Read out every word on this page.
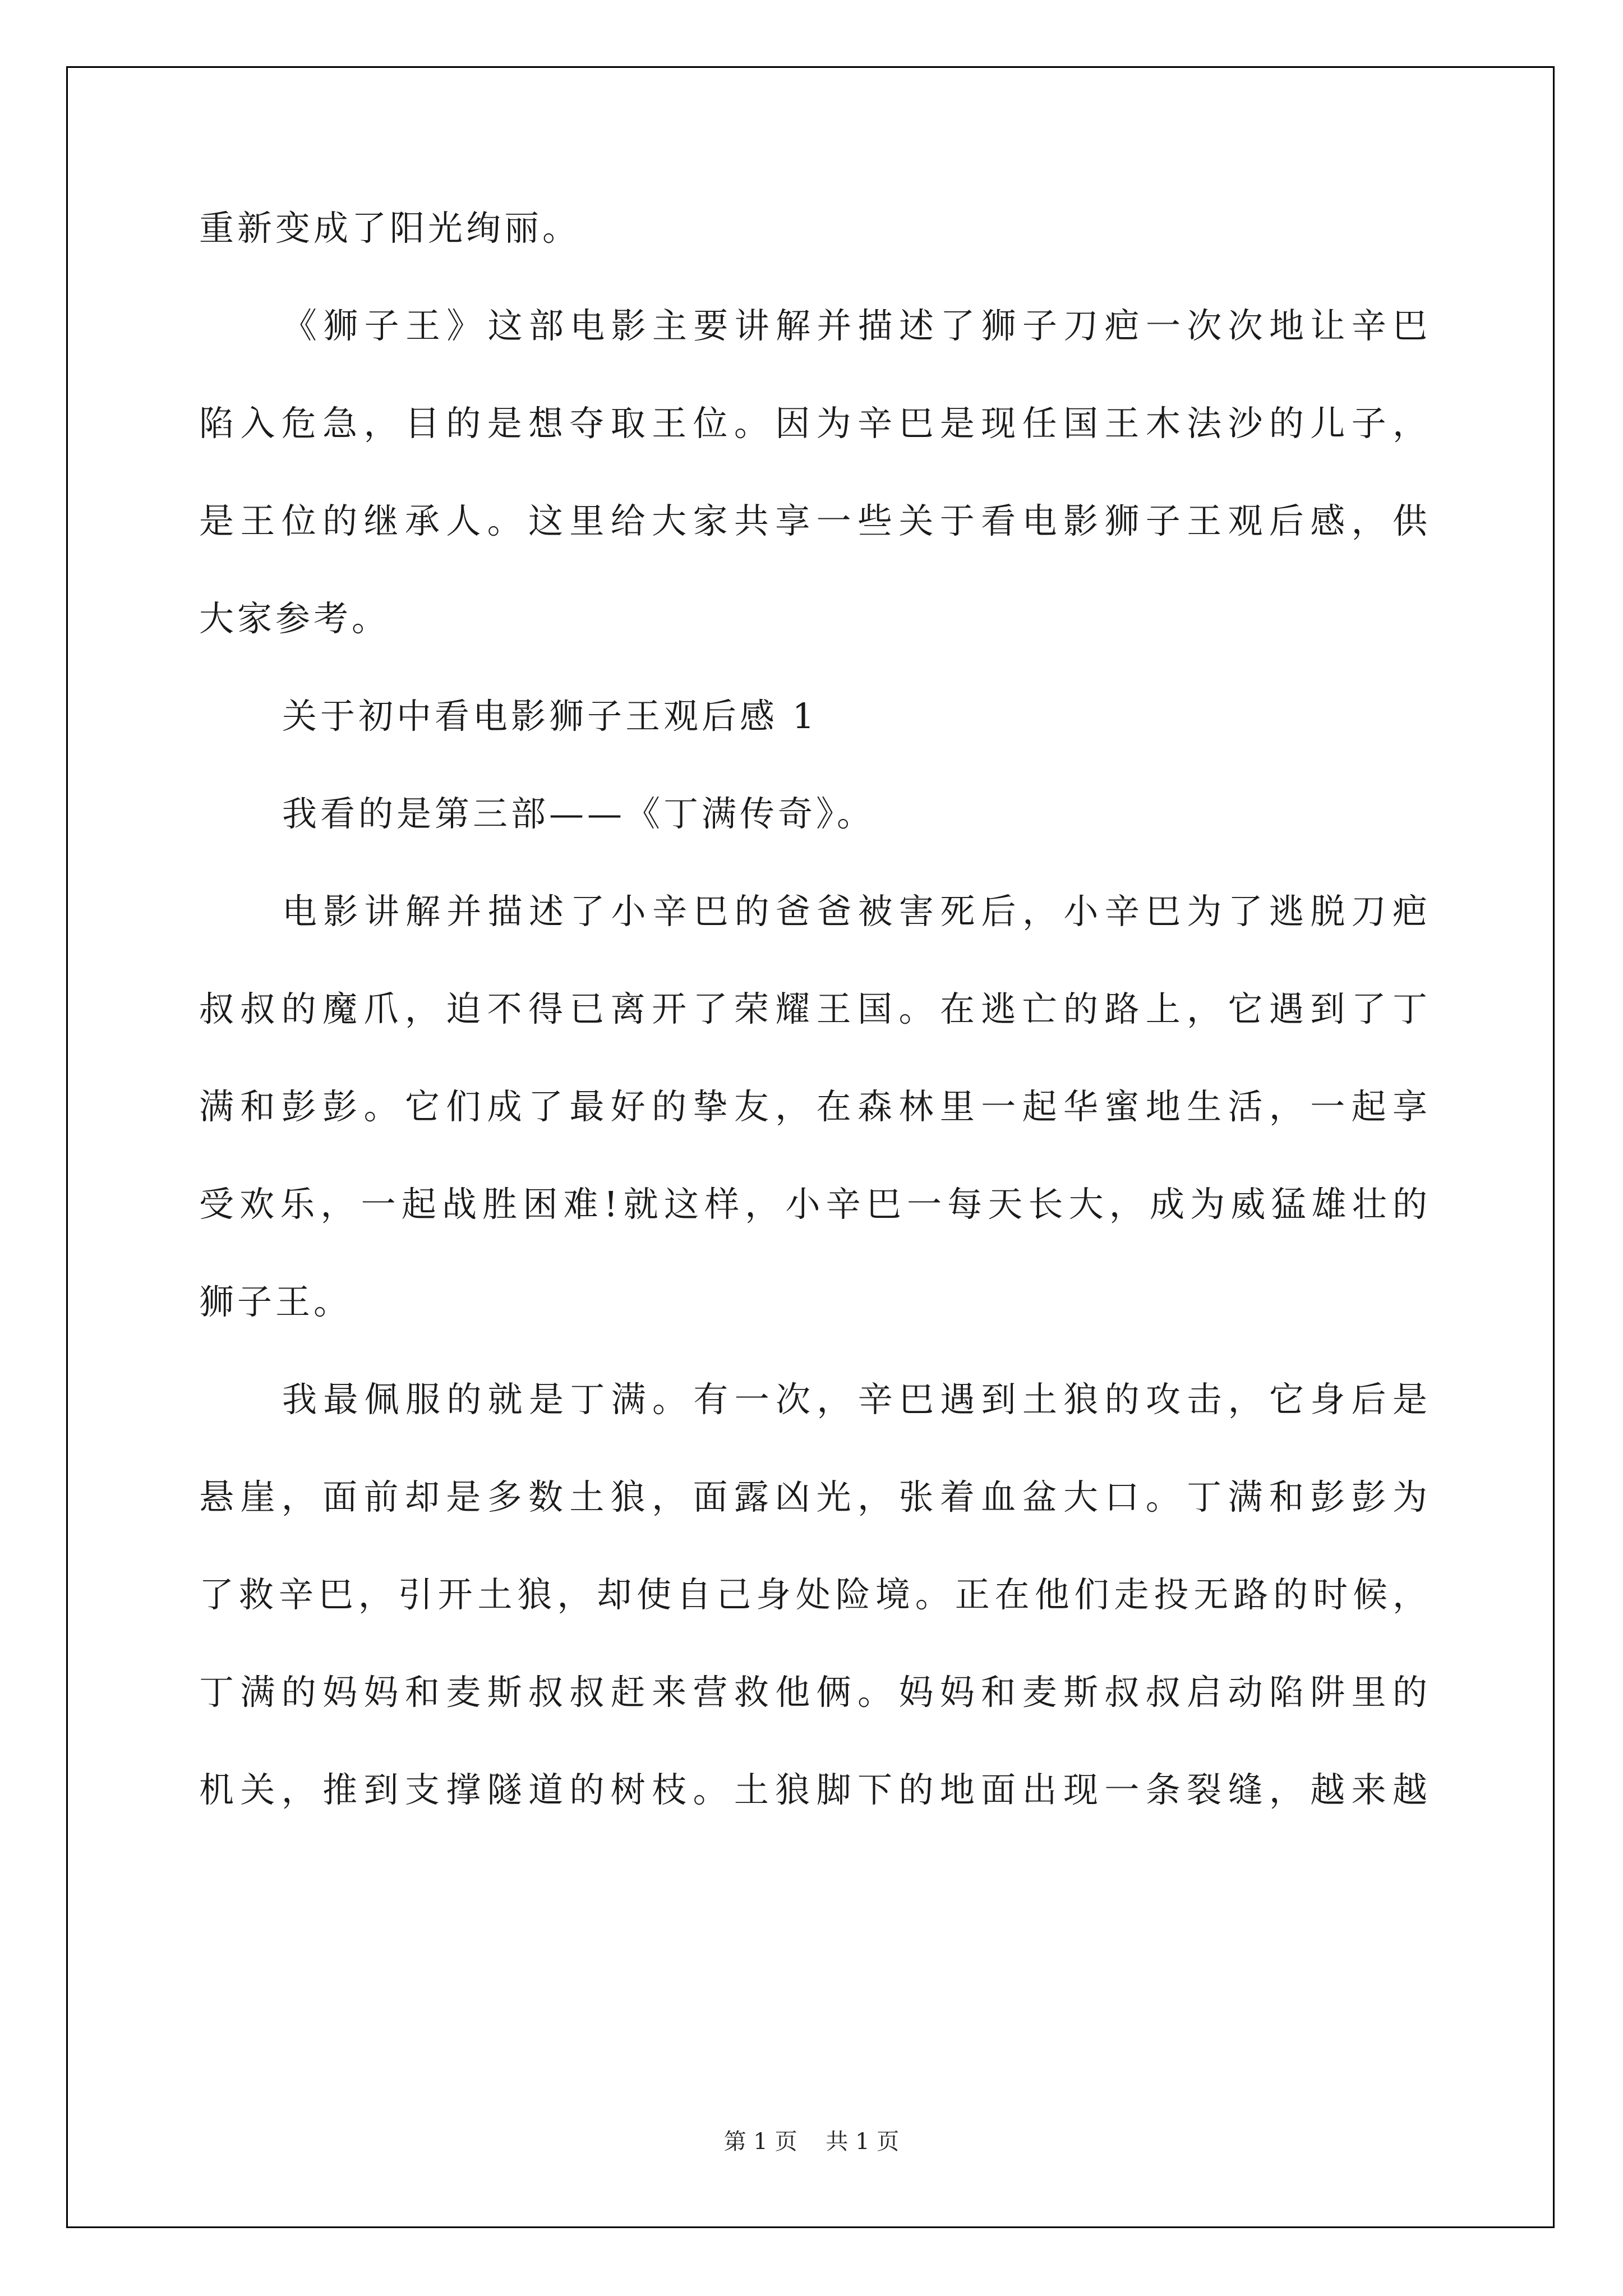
重新变成了阳光绚丽。

《狮子王》这部电影主要讲解并描述了狮子刀疤一次次地让辛巴

陷入危急，目的是想夺取王位。因为辛巴是现任国王木法沙的儿子，

是王位的继承人。这里给大家共享一些关于看电影狮子王观后感，供

大家参考。

关于初中看电影狮子王观后感 1

我看的是第三部——《丁满传奇》。

电影讲解并描述了小辛巴的爸爸被害死后，小辛巴为了逃脱刀疤

叔叔的魔爪，迫不得已离开了荣耀王国。在逃亡的路上，它遇到了丁

满和彭彭。它们成了最好的挚友，在森林里一起华蜜地生活，一起享

受欢乐，一起战胜困难!就这样，小辛巴一每天长大，成为威猛雄壮的

狮子王。

我最佩服的就是丁满。有一次，辛巴遇到土狼的攻击，它身后是

悬崖，面前却是多数土狼，面露凶光，张着血盆大口。丁满和彭彭为

了救辛巴，引开土狼，却使自己身处险境。正在他们走投无路的时候，

丁满的妈妈和麦斯叔叔赶来营救他俩。妈妈和麦斯叔叔启动陷阱里的

机关，推到支撑隧道的树枝。土狼脚下的地面出现一条裂缝，越来越

第 1 页    共 1 页
